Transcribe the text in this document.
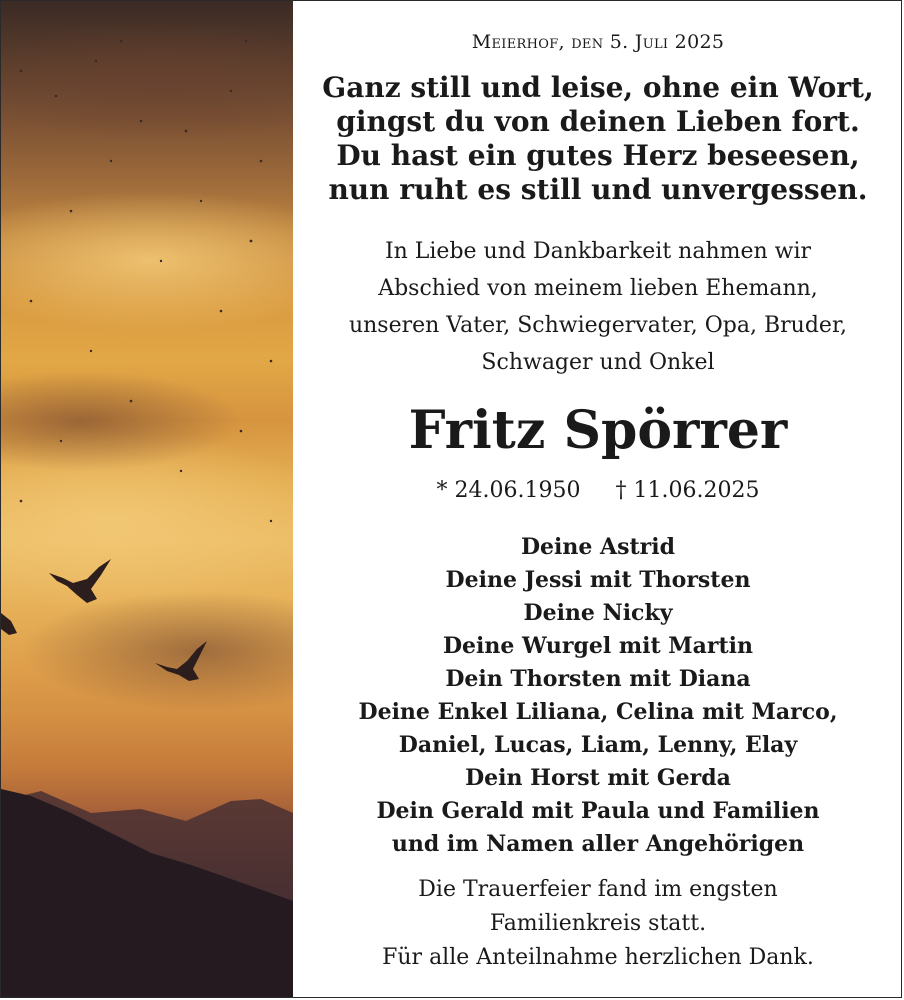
Meierhof, den 5. Juli 2025
Ganz still und leise, ohne ein Wort,
gingst du von deinen Lieben fort.
Du hast ein gutes Herz beseesen,
nun ruht es still und unvergessen.
In Liebe und Dankbarkeit nahmen wir
Abschied von meinem lieben Ehemann,
unseren Vater, Schwiegervater, Opa, Bruder,
Schwager und Onkel
Fritz Spörrer
* 24.06.1950 † 11.06.2025
Deine Astrid
Deine Jessi mit Thorsten
Deine Nicky
Deine Wurgel mit Martin
Dein Thorsten mit Diana
Deine Enkel Liliana, Celina mit Marco,
Daniel, Lucas, Liam, Lenny, Elay
Dein Horst mit Gerda
Dein Gerald mit Paula und Familien
und im Namen aller Angehörigen
Die Trauerfeier fand im engsten
Familienkreis statt.
Für alle Anteilnahme herzlichen Dank.
